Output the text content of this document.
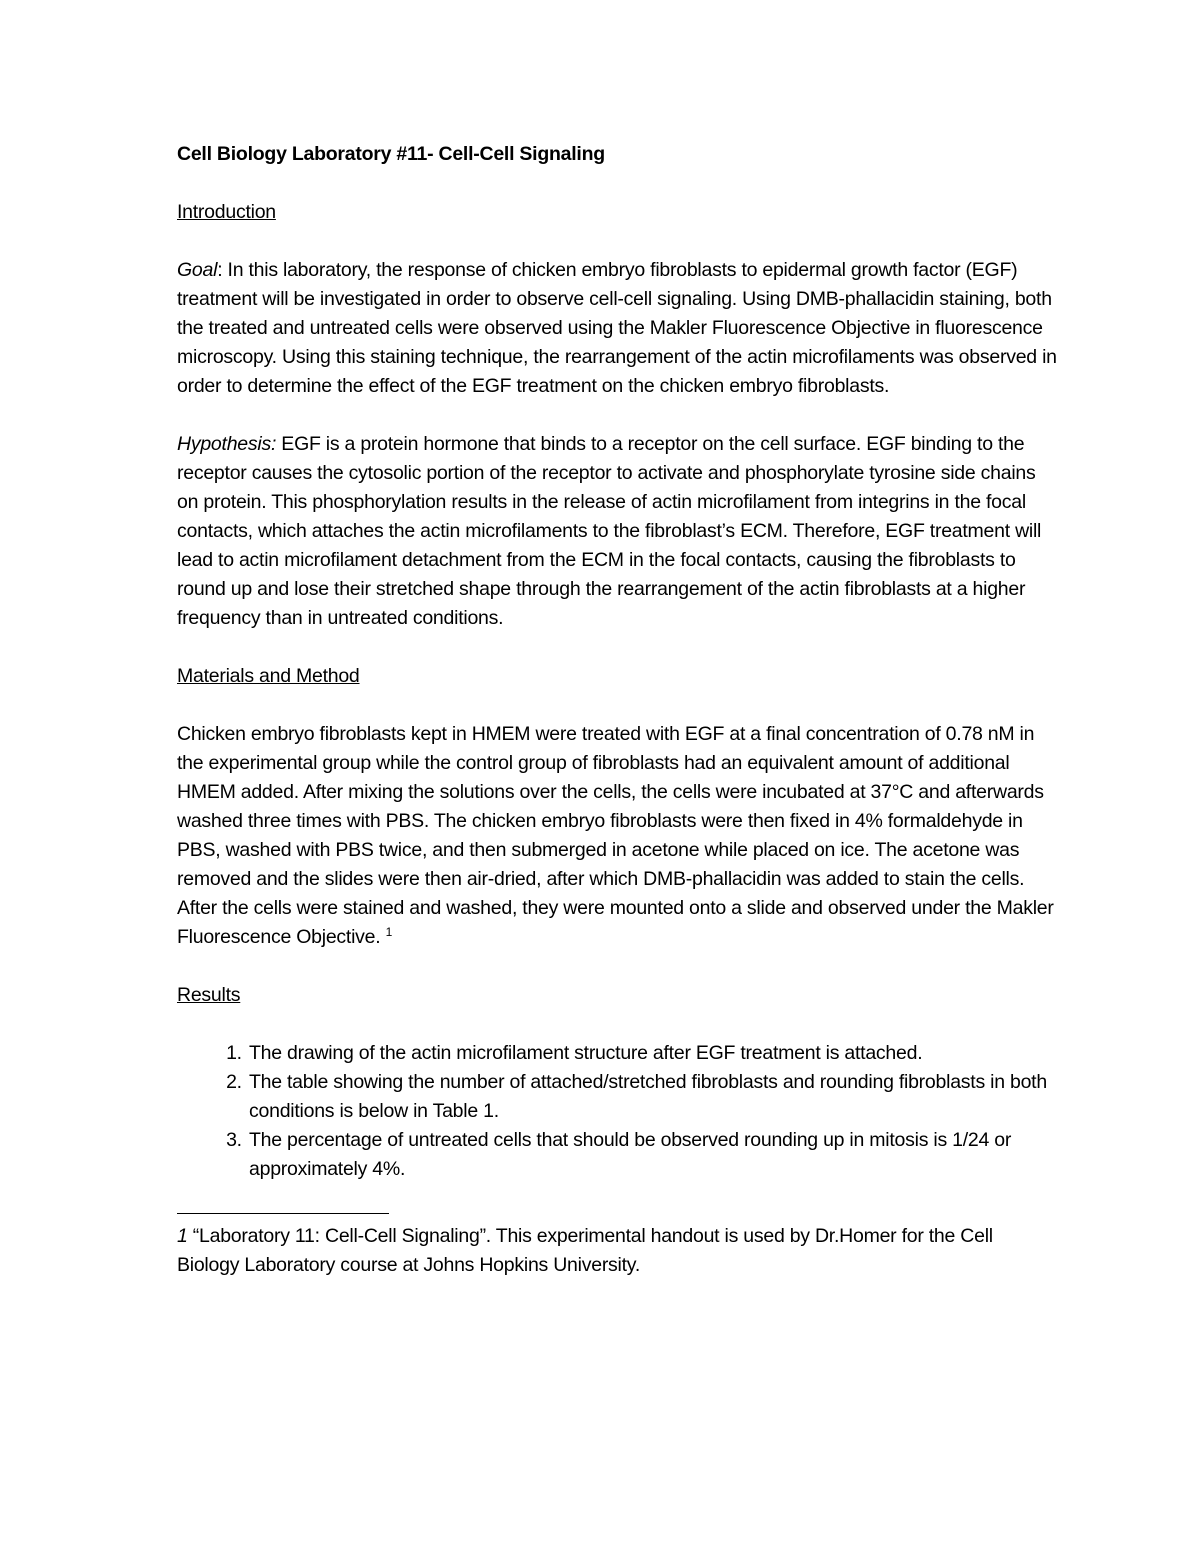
Cell Biology Laboratory #11- Cell-Cell Signaling
Introduction

Goal: In this laboratory, the response of chicken embryo fibroblasts to epidermal growth factor (EGF) treatment will be investigated in order to observe cell-cell signaling. Using DMB-phallacidin staining, both the treated and untreated cells were observed using the Makler Fluorescence Objective in fluorescence microscopy. Using this staining technique, the rearrangement of the actin microfilaments was observed in order to determine the effect of the EGF treatment on the chicken embryo fibroblasts.

Hypothesis: EGF is a protein hormone that binds to a receptor on the cell surface. EGF binding to the receptor causes the cytosolic portion of the receptor to activate and phosphorylate tyrosine side chains on protein. This phosphorylation results in the release of actin microfilament from integrins in the focal contacts, which attaches the actin microfilaments to the fibroblast’s ECM. Therefore, EGF treatment will lead to actin microfilament detachment from the ECM in the focal contacts, causing the fibroblasts to round up and lose their stretched shape through the rearrangement of the actin fibroblasts at a higher frequency than in untreated conditions.

Materials and Method

Chicken embryo fibroblasts kept in HMEM were treated with EGF at a final concentration of 0.78 nM in the experimental group while the control group of fibroblasts had an equivalent amount of additional HMEM added. After mixing the solutions over the cells, the cells were incubated at 37°C and afterwards washed three times with PBS. The chicken embryo fibroblasts were then fixed in 4% formaldehyde in PBS, washed with PBS twice, and then submerged in acetone while placed on ice. The acetone was removed and the slides were then air-dried, after which DMB-phallacidin was added to stain the cells. After the cells were stained and washed, they were mounted onto a slide and observed under the Makler Fluorescence Objective. $^1$

Results
1. The drawing of the actin microfilament structure after EGF treatment is attached.
2. The table showing the number of attached/stretched fibroblasts and rounding fibroblasts in both conditions is below in Table 1.
3. The percentage of untreated cells that should be observed rounding up in mitosis is 1/24 or approximately 4%.

1 “Laboratory 11: Cell-Cell Signaling”. This experimental handout is used by Dr.Homer for the Cell Biology Laboratory course at Johns Hopkins University.
